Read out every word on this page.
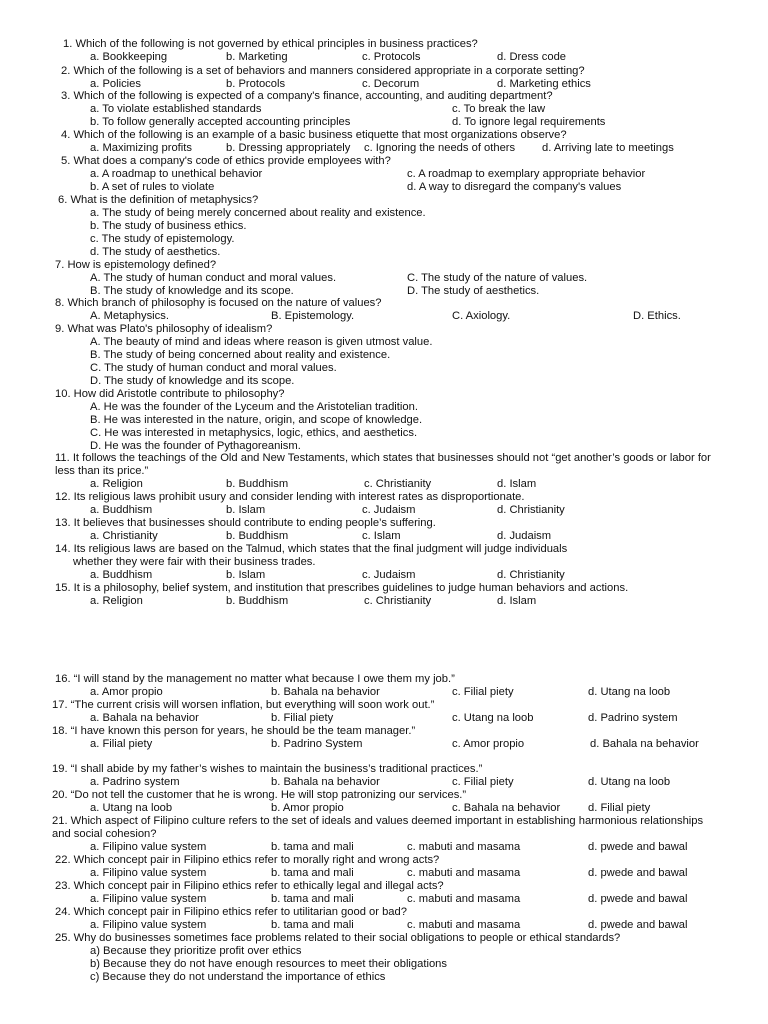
1. Which of the following is not governed by ethical principles in business practices?
a. Bookkeeping	b. Marketing	c. Protocols	d. Dress code
2. Which of the following is a set of behaviors and manners considered appropriate in a corporate setting?
a. Policies	b. Protocols	c. Decorum	d. Marketing ethics
3. Which of the following is expected of a company's finance, accounting, and auditing department?
a. To violate established standards	c. To break the law
b. To follow generally accepted accounting principles	d. To ignore legal requirements
4. Which of the following is an example of a basic business etiquette that most organizations observe?
a. Maximizing profits	b. Dressing appropriately c. Ignoring the needs of others d. Arriving late to meetings
5. What does a company's code of ethics provide employees with?
a. A roadmap to unethical behavior	c. A roadmap to exemplary appropriate behavior
b. A set of rules to violate	d. A way to disregard the company's values
6. What is the definition of metaphysics?
a. The study of being merely concerned about reality and existence.
b. The study of business ethics.
c. The study of epistemology.
d. The study of aesthetics.
7. How is epistemology defined?
A. The study of human conduct and moral values.	C. The study of the nature of values.
B. The study of knowledge and its scope.	D. The study of aesthetics.
8. Which branch of philosophy is focused on the nature of values?
A. Metaphysics.	B. Epistemology.	C. Axiology.	D. Ethics.
9. What was Plato's philosophy of idealism?
A. The beauty of mind and ideas where reason is given utmost value.
B. The study of being concerned about reality and existence.
C. The study of human conduct and moral values.
D. The study of knowledge and its scope.
10. How did Aristotle contribute to philosophy?
A. He was the founder of the Lyceum and the Aristotelian tradition.
B. He was interested in the nature, origin, and scope of knowledge.
C. He was interested in metaphysics, logic, ethics, and aesthetics.
D. He was the founder of Pythagoreanism.
11. It follows the teachings of the Old and New Testaments, which states that businesses should not “get another’s goods or labor for less than its price.”
a. Religion	b. Buddhism	c. Christianity	d. Islam
12. Its religious laws prohibit usury and consider lending with interest rates as disproportionate.
a. Buddhism	b. Islam	c. Judaism	d. Christianity
13. It believes that businesses should contribute to ending people’s suffering.
a. Christianity	b. Buddhism	c. Islam	d. Judaism
14. Its religious laws are based on the Talmud, which states that the final judgment will judge individuals
whether they were fair with their business trades.
a. Buddhism	b. Islam	c. Judaism	d. Christianity
15. It is a philosophy, belief system, and institution that prescribes guidelines to judge human behaviors and actions.
a. Religion	b. Buddhism	c. Christianity	d. Islam
16. “I will stand by the management no matter what because I owe them my job.”
a. Amor propio	b. Bahala na behavior	c. Filial piety	d. Utang na loob
17. “The current crisis will worsen inflation, but everything will soon work out.”
a. Bahala na behavior	b. Filial piety	c. Utang na loob	d. Padrino system
18. “I have known this person for years, he should be the team manager.”
a. Filial piety	b. Padrino System	c. Amor propio	d. Bahala na behavior
19. “I shall abide by my father’s wishes to maintain the business’s traditional practices.”
a. Padrino system	b. Bahala na behavior	c. Filial piety	d. Utang na loob
20. “Do not tell the customer that he is wrong. He will stop patronizing our services.”
a. Utang na loob	b. Amor propio	c. Bahala na behavior d. Filial piety
21. Which aspect of Filipino culture refers to the set of ideals and values deemed important in establishing harmonious relationships and social cohesion?
a. Filipino value system	b. tama and mali	c. mabuti and masama	d. pwede and bawal
22. Which concept pair in Filipino ethics refer to morally right and wrong acts?
a. Filipino value system	b. tama and mali	c. mabuti and masama	d. pwede and bawal
23. Which concept pair in Filipino ethics refer to ethically legal and illegal acts?
a. Filipino value system	b. tama and mali	c. mabuti and masama	d. pwede and bawal
24. Which concept pair in Filipino ethics refer to utilitarian good or bad?
a. Filipino value system	b. tama and mali	c. mabuti and masama	d. pwede and bawal
25. Why do businesses sometimes face problems related to their social obligations to people or ethical standards?
a) Because they prioritize profit over ethics
b) Because they do not have enough resources to meet their obligations
c) Because they do not understand the importance of ethics
